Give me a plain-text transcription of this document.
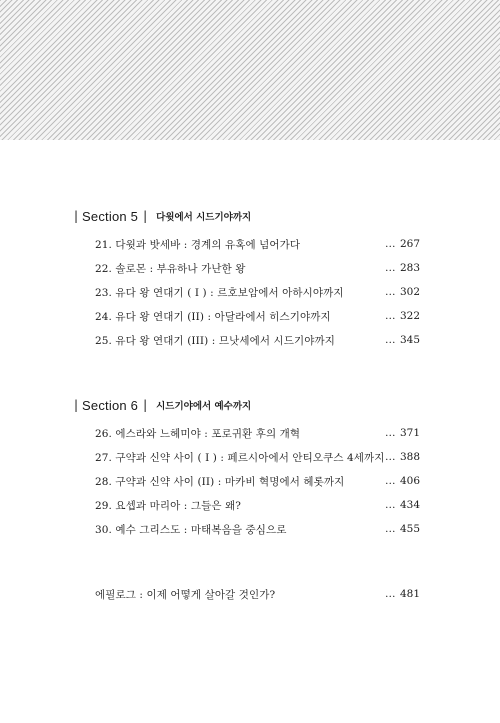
| Section 5 | 다윗에서 시드기야까지
21. 다윗과 밧세바 : 경계의 유혹에 넘어가다	… 267
22. 솔로몬 : 부유하나 가난한 왕	… 283
23. 유다 왕 연대기 ( I ) : 르호보암에서 아하시야까지	… 302
24. 유다 왕 연대기 (II) : 아달라에서 히스기야까지	… 322
25. 유다 왕 연대기 (III) : 므낫세에서 시드기야까지	… 345
| Section 6 | 시드기야에서 예수까지
26. 에스라와 느헤미야 : 포로귀환 후의 개혁	… 371
27. 구약과 신약 사이 ( I ) : 페르시아에서 안티오쿠스 4세까지 … 388
28. 구약과 신약 사이 (II) : 마카비 혁명에서 헤롯까지	… 406
29. 요셉과 마리아 : 그들은 왜?	… 434
30. 예수 그리스도 : 마태복음을 중심으로	… 455
에필로그 : 이제 어떻게 살아갈 것인가?	… 481
